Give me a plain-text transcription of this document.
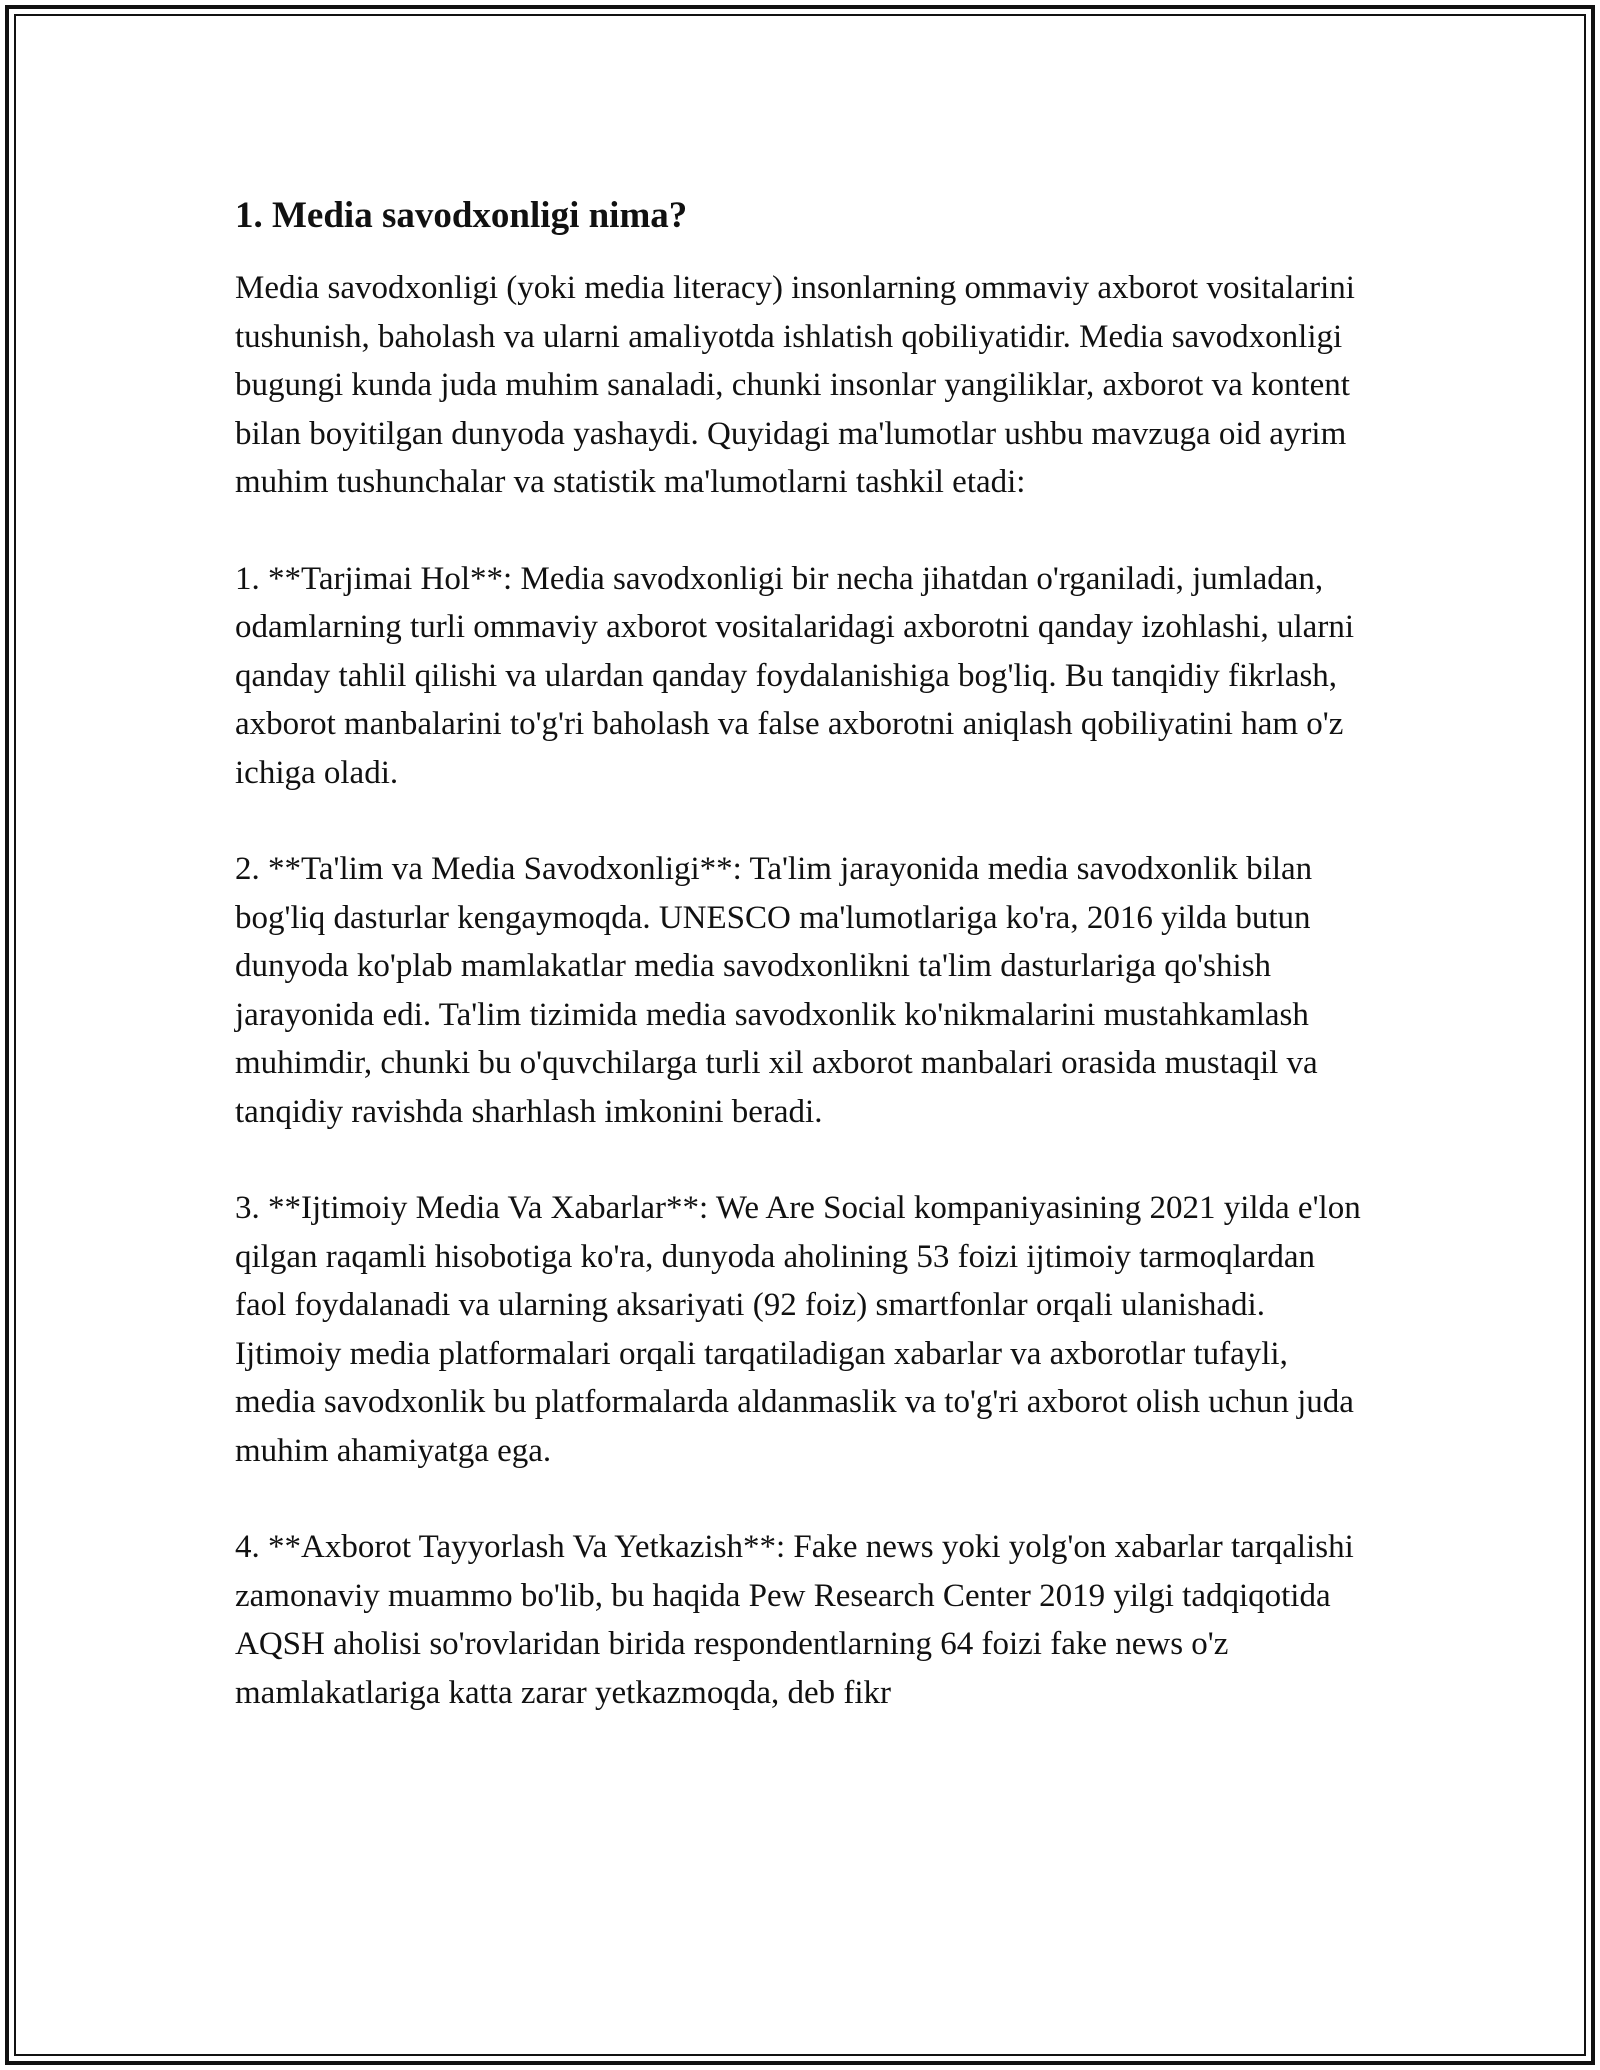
1. Media savodxonligi nima?

Media savodxonligi (yoki media literacy) insonlarning ommaviy axborot vositalarini tushunish, baholash va ularni amaliyotda ishlatish qobiliyatidir. Media savodxonligi bugungi kunda juda muhim sanaladi, chunki insonlar yangiliklar, axborot va kontent bilan boyitilgan dunyoda yashaydi. Quyidagi ma'lumotlar ushbu mavzuga oid ayrim muhim tushunchalar va statistik ma'lumotlarni tashkil etadi:

1. **Tarjimai Hol**: Media savodxonligi bir necha jihatdan o'rganiladi, jumladan, odamlarning turli ommaviy axborot vositalaridagi axborotni qanday izohlashi, ularni qanday tahlil qilishi va ulardan qanday foydalanishiga bog'liq. Bu tanqidiy fikrlash, axborot manbalarini to'g'ri baholash va false axborotni aniqlash qobiliyatini ham o'z ichiga oladi.

2. **Ta'lim va Media Savodxonligi**: Ta'lim jarayonida media savodxonlik bilan bog'liq dasturlar kengaymoqda. UNESCO ma'lumotlariga ko'ra, 2016 yilda butun dunyoda ko'plab mamlakatlar media savodxonlikni ta'lim dasturlariga qo'shish jarayonida edi. Ta'lim tizimida media savodxonlik ko'nikmalarini mustahkamlash muhimdir, chunki bu o'quvchilarga turli xil axborot manbalari orasida mustaqil va tanqidiy ravishda sharhlash imkonini beradi.

3. **Ijtimoiy Media Va Xabarlar**: We Are Social kompaniyasining 2021 yilda e'lon qilgan raqamli hisobotiga ko'ra, dunyoda aholining 53 foizi ijtimoiy tarmoqlardan faol foydalanadi va ularning aksariyati (92 foiz) smartfonlar orqali ulanishadi. Ijtimoiy media platformalari orqali tarqatiladigan xabarlar va axborotlar tufayli, media savodxonlik bu platformalarda aldanmaslik va to'g'ri axborot olish uchun juda muhim ahamiyatga ega.

4. **Axborot Tayyorlash Va Yetkazish**: Fake news yoki yolg'on xabarlar tarqalishi zamonaviy muammo bo'lib, bu haqida Pew Research Center 2019 yilgi tadqiqotida AQSH aholisi so'rovlaridan birida respondentlarning 64 foizi fake news o'z mamlakatlariga katta zarar yetkazmoqda, deb fikr
